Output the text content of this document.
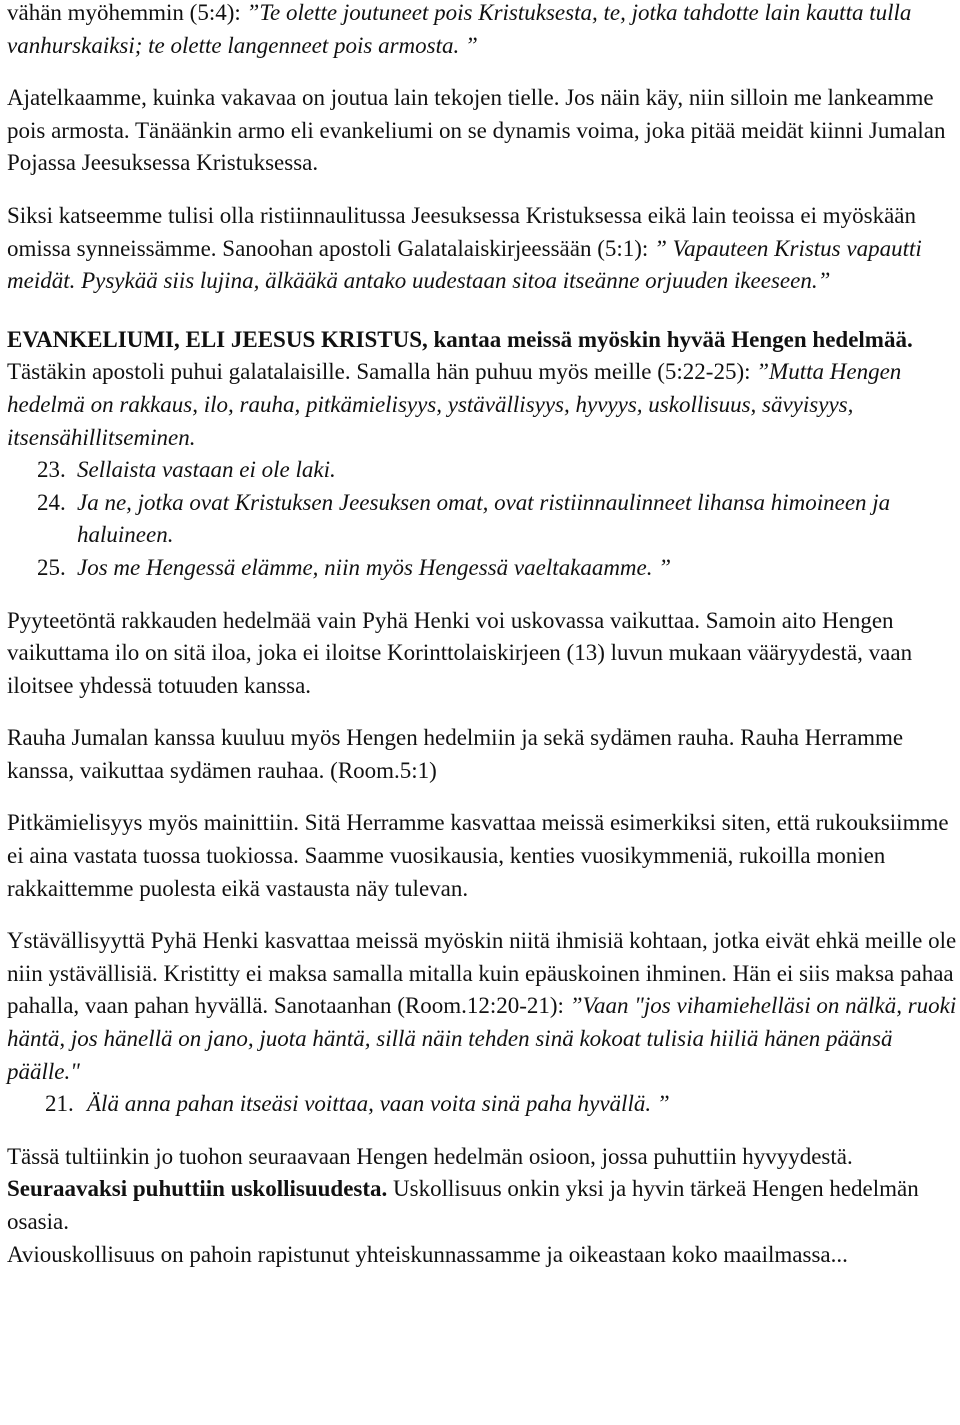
vähän myöhemmin (5:4): ”Te olette joutuneet pois Kristuksesta, te, jotka tahdotte lain kautta tulla vanhurskaiksi; te olette langenneet pois armosta. ”

Ajatelkaamme, kuinka vakavaa on joutua lain tekojen tielle. Jos näin käy, niin silloin me lankeamme pois armosta. Tänäänkin armo eli evankeliumi on se dynamis voima, joka pitää meidät kiinni Jumalan Pojassa Jeesuksessa Kristuksessa.

Siksi katseemme tulisi olla ristiinnaulitussa Jeesuksessa Kristuksessa eikä lain teoissa ei myöskään omissa synneissämme. Sanoohan apostoli Galatalaiskirjeessään (5:1): ” Vapauteen Kristus vapautti meidät. Pysykää siis lujina, älkääkä antako uudestaan sitoa itseänne orjuuden ikeeseen.”

EVANKELIUMI, ELI JEESUS KRISTUS, kantaa meissä myöskin hyvää Hengen hedelmää. Tästäkin apostoli puhui galatalaisille. Samalla hän puhuu myös meille (5:22-25): ”Mutta Hengen hedelmä on rakkaus, ilo, rauha, pitkämielisyys, ystävällisyys, hyvyys, uskollisuus, sävyisyys, itsensähillitseminen.

23. Sellaista vastaan ei ole laki.

24. Ja ne, jotka ovat Kristuksen Jeesuksen omat, ovat ristiinnaulinneet lihansa himoineen ja haluineen.

25. Jos me Hengessä elämme, niin myös Hengessä vaeltakaamme. ”

Pyyteetöntä rakkauden hedelmää vain Pyhä Henki voi uskovassa vaikuttaa. Samoin aito Hengen vaikuttama ilo on sitä iloa, joka ei iloitse Korinttolaiskirjeen (13) luvun mukaan vääryydestä, vaan iloitsee yhdessä totuuden kanssa.

Rauha Jumalan kanssa kuuluu myös Hengen hedelmiin ja sekä sydämen rauha. Rauha Herramme kanssa, vaikuttaa sydämen rauhaa. (Room.5:1)

Pitkämielisyys myös mainittiin. Sitä Herramme kasvattaa meissä esimerkiksi siten, että rukouksiimme ei aina vastata tuossa tuokiossa. Saamme vuosikausia, kenties vuosikymmeniä, rukoilla monien rakkaittemme puolesta eikä vastausta näy tulevan.

Ystävällisyyttä Pyhä Henki kasvattaa meissä myöskin niitä ihmisiä kohtaan, jotka eivät ehkä meille ole niin ystävällisiä. Kristitty ei maksa samalla mitalla kuin epäuskoinen ihminen. Hän ei siis maksa pahaa pahalla, vaan pahan hyvällä. Sanotaanhan (Room.12:20-21): ”Vaan "jos vihamiehelläsi on nälkä, ruoki häntä, jos hänellä on jano, juota häntä, sillä näin tehden sinä kokoat tulisia hiiliä hänen päänsä päälle."

21. Älä anna pahan itseäsi voittaa, vaan voita sinä paha hyvällä. ”

Tässä tultiinkin jo tuohon seuraavaan Hengen hedelmän osioon, jossa puhuttiin hyvyydestä.

Seuraavaksi puhuttiin uskollisuudesta. Uskollisuus onkin yksi ja hyvin tärkeä Hengen hedelmän osasia.

Aviouskollisuus on pahoin rapistunut yhteiskunnassamme ja oikeastaan koko maailmassa...
